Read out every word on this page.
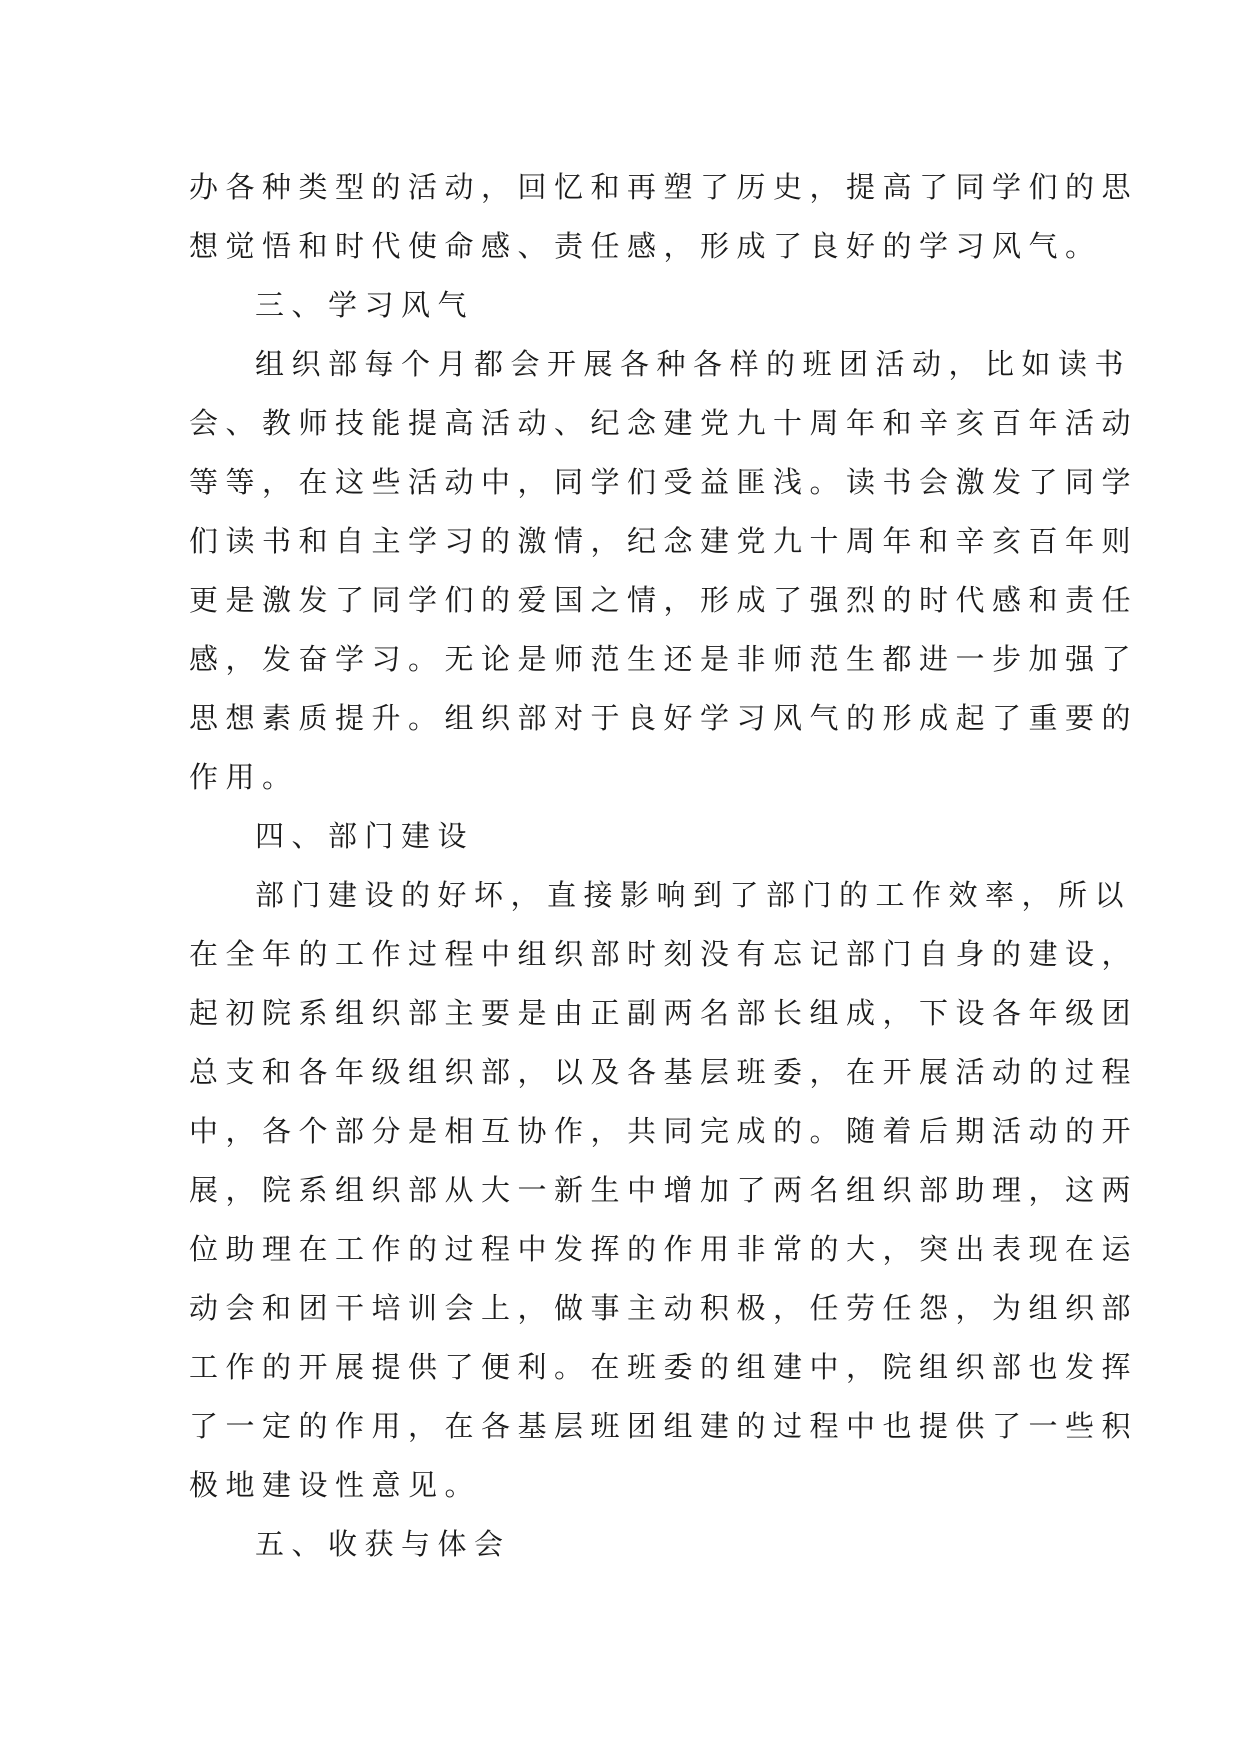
办各种类型的活动，回忆和再塑了历史，提高了同学们的思
想觉悟和时代使命感、责任感，形成了良好的学习风气。
三、学习风气
组织部每个月都会开展各种各样的班团活动，比如读书
会、教师技能提高活动、纪念建党九十周年和辛亥百年活动
等等，在这些活动中，同学们受益匪浅。读书会激发了同学
们读书和自主学习的激情，纪念建党九十周年和辛亥百年则
更是激发了同学们的爱国之情，形成了强烈的时代感和责任
感，发奋学习。无论是师范生还是非师范生都进一步加强了
思想素质提升。组织部对于良好学习风气的形成起了重要的
作用。
四、部门建设
部门建设的好坏，直接影响到了部门的工作效率，所以
在全年的工作过程中组织部时刻没有忘记部门自身的建设，
起初院系组织部主要是由正副两名部长组成，下设各年级团
总支和各年级组织部，以及各基层班委，在开展活动的过程
中，各个部分是相互协作，共同完成的。随着后期活动的开
展，院系组织部从大一新生中增加了两名组织部助理，这两
位助理在工作的过程中发挥的作用非常的大，突出表现在运
动会和团干培训会上，做事主动积极，任劳任怨，为组织部
工作的开展提供了便利。在班委的组建中，院组织部也发挥
了一定的作用，在各基层班团组建的过程中也提供了一些积
极地建设性意见。
五、收获与体会
